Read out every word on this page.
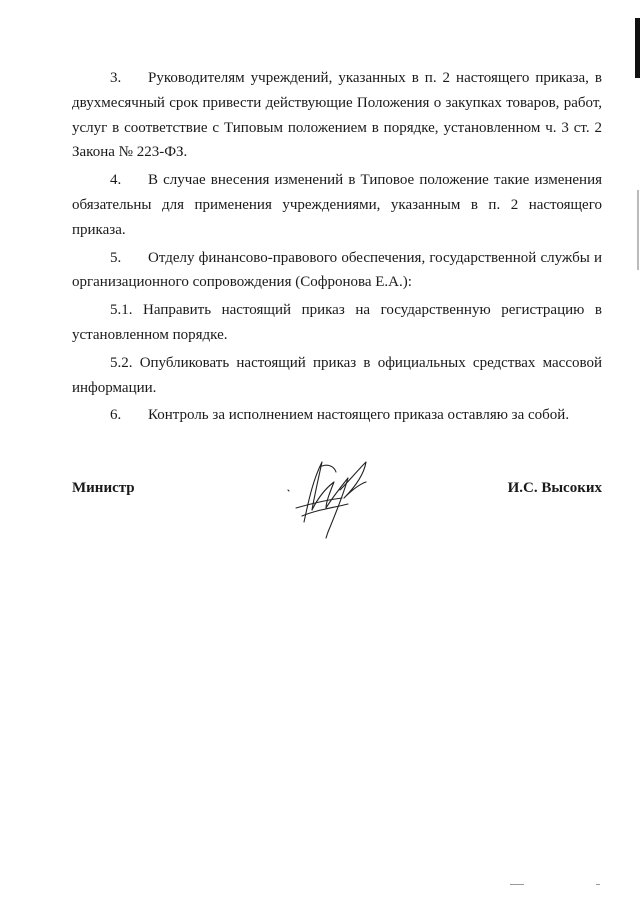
3. Руководителям учреждений, указанных в п. 2 настоящего приказа, в двухмесячный срок привести действующие Положения о закупках товаров, работ, услуг в соответствие с Типовым положением в порядке, установленном ч. 3 ст. 2 Закона № 223-ФЗ.

4. В случае внесения изменений в Типовое положение такие изменения обязательны для применения учреждениями, указанным в п. 2 настоящего приказа.

5. Отделу финансово-правового обеспечения, государственной службы и организационного сопровождения (Софронова Е.А.):

5.1. Направить настоящий приказ на государственную регистрацию в установленном порядке.

5.2. Опубликовать настоящий приказ в официальных средствах массовой информации.

6. Контроль за исполнением настоящего приказа оставляю за собой.

Министр	И.С. Высоких
